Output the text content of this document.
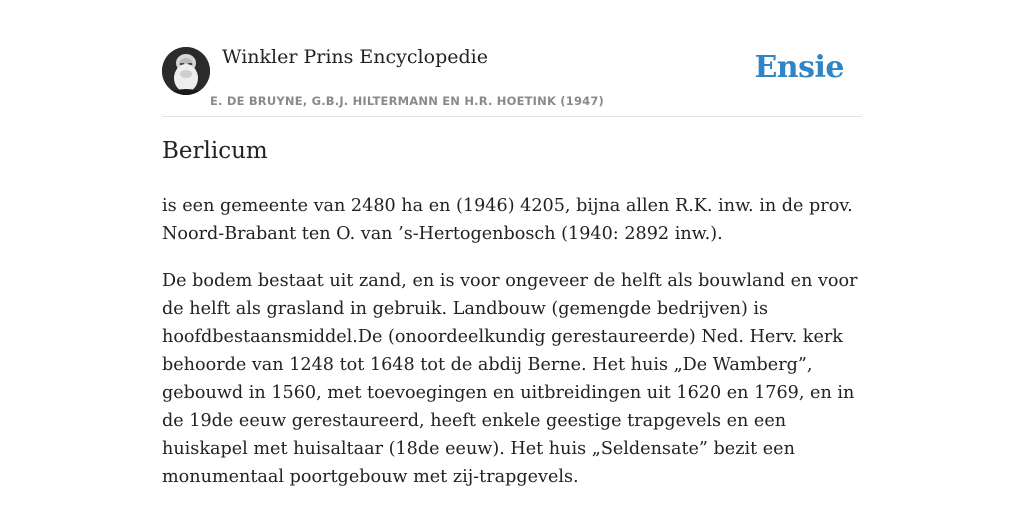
Winkler Prins Encyclopedie
E. DE BRUYNE, G.B.J. HILTERMANN EN H.R. HOETINK (1947)
Ensie
Berlicum

is een gemeente van 2480 ha en (1946) 4205, bijna allen R.K. inw. in de prov. Noord-Brabant ten O. van ’s-Hertogenbosch (1940: 2892 inw.).

De bodem bestaat uit zand, en is voor ongeveer de helft als bouwland en voor de helft als grasland in gebruik. Landbouw (gemengde bedrijven) is hoofdbestaansmiddel.De (onoordeelkundig gerestaureerde) Ned. Herv. kerk behoorde van 1248 tot 1648 tot de abdij Berne. Het huis „De Wamberg”, gebouwd in 1560, met toevoegingen en uitbreidingen uit 1620 en 1769, en in de 19de eeuw gerestaureerd, heeft enkele geestige trapgevels en een huiskapel met huisaltaar (18de eeuw). Het huis „Seldensate” bezit een monumentaal poortgebouw met zij-trapgevels.
